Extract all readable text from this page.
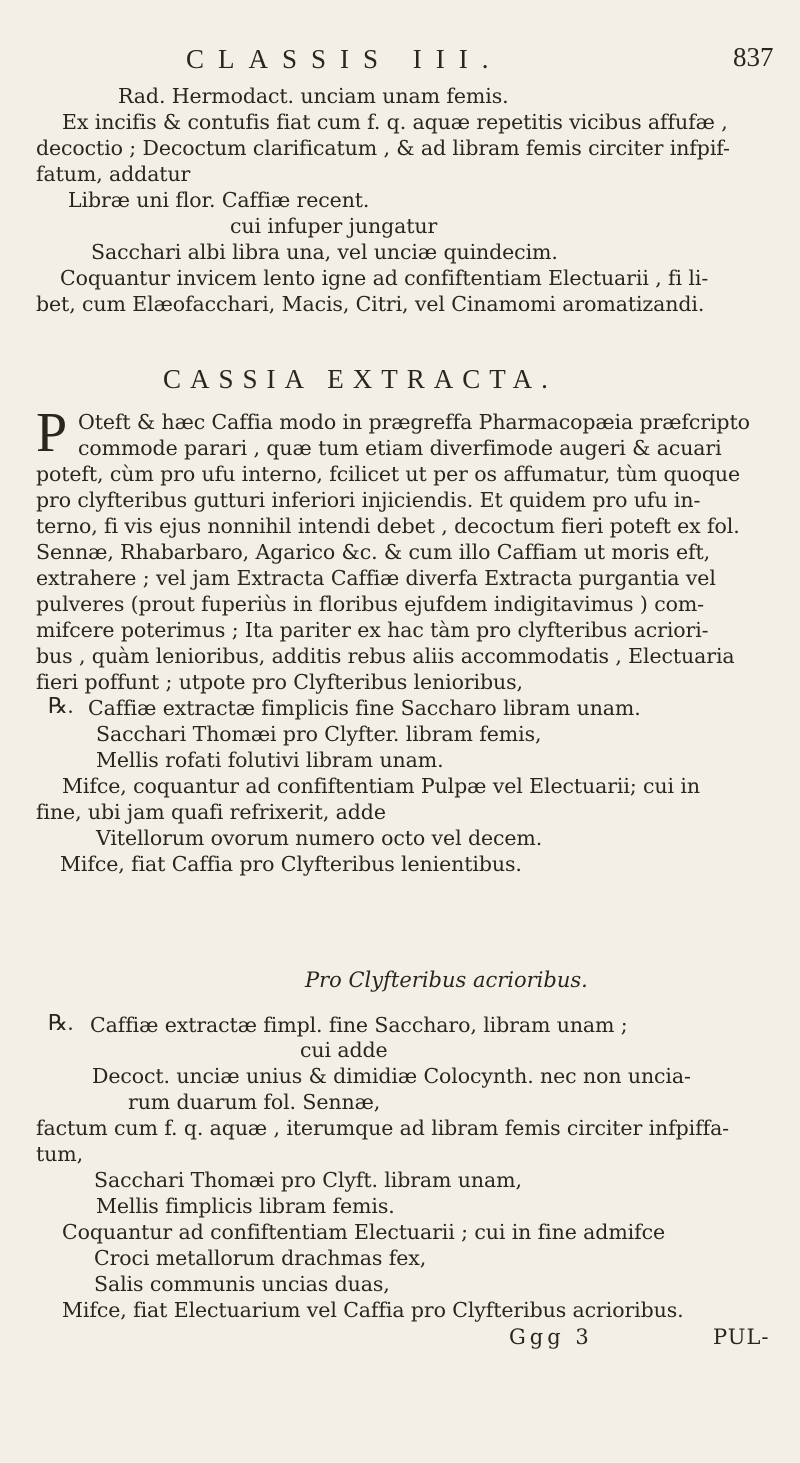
CLASSIS III.	837
Rad. Hermodact. unciam unam femis.
Ex incifis & contufis fiat cum f. q. aquæ repetitis vicibus affufæ ,
decoctio ; Decoctum clarificatum , & ad libram femis circiter infpif-
fatum, addatur
Libræ uni flor. Caffiæ recent.
cui infuper jungatur
Sacchari albi libra una, vel unciæ quindecim.
Coquantur invicem lento igne ad confiftentiam Electuarii , fi li-
bet, cum Elæofacchari, Macis, Citri, vel Cinamomi aromatizandi.
CASSIA EXTRACTA.
P Oteft & hæc Caffia modo in prægreffa Pharmacopæia præfcripto
commode parari , quæ tum etiam diverfimode augeri & acuari
poteft, cùm pro ufu interno, fcilicet ut per os affumatur, tùm quoque
pro clyfteribus gutturi inferiori injiciendis. Et quidem pro ufu in-
terno, fi vis ejus nonnihil intendi debet , decoctum fieri poteft ex fol.
Sennæ, Rhabarbaro, Agarico &c. & cum illo Caffiam ut moris eft,
extrahere ; vel jam Extracta Caffiæ diverfa Extracta purgantia vel
pulveres (prout fuperiùs in floribus ejufdem indigitavimus ) com-
mifcere poterimus ; Ita pariter ex hac tàm pro clyfteribus acriori-
bus , quàm lenioribus, additis rebus aliis accommodatis , Electuaria
fieri poffunt ; utpote pro Clyfteribus lenioribus,
℞. Caffiæ extractæ fimplicis fine Saccharo libram unam.
Sacchari Thomæi pro Clyfter. libram femis,
Mellis rofati folutivi libram unam.
Mifce, coquantur ad confiftentiam Pulpæ vel Electuarii; cui in
fine, ubi jam quafi refrixerit, adde
Vitellorum ovorum numero octo vel decem.
Mifce, fiat Caffia pro Clyfteribus lenientibus.
Pro Clyfteribus acrioribus.
℞. Caffiæ extractæ fimpl. fine Saccharo, libram unam ;
cui adde
Decoct. unciæ unius & dimidiæ Colocynth. nec non uncia-
rum duarum fol. Sennæ,
factum cum f. q. aquæ , iterumque ad libram femis circiter infpiffa-
tum,
Sacchari Thomæi pro Clyft. libram unam,
Mellis fimplicis libram femis.
Coquantur ad confiftentiam Electuarii ; cui in fine admifce
Croci metallorum drachmas fex,
Salis communis uncias duas,
Mifce, fiat Electuarium vel Caffia pro Clyfteribus acrioribus.
Ggg 3	PUL-
